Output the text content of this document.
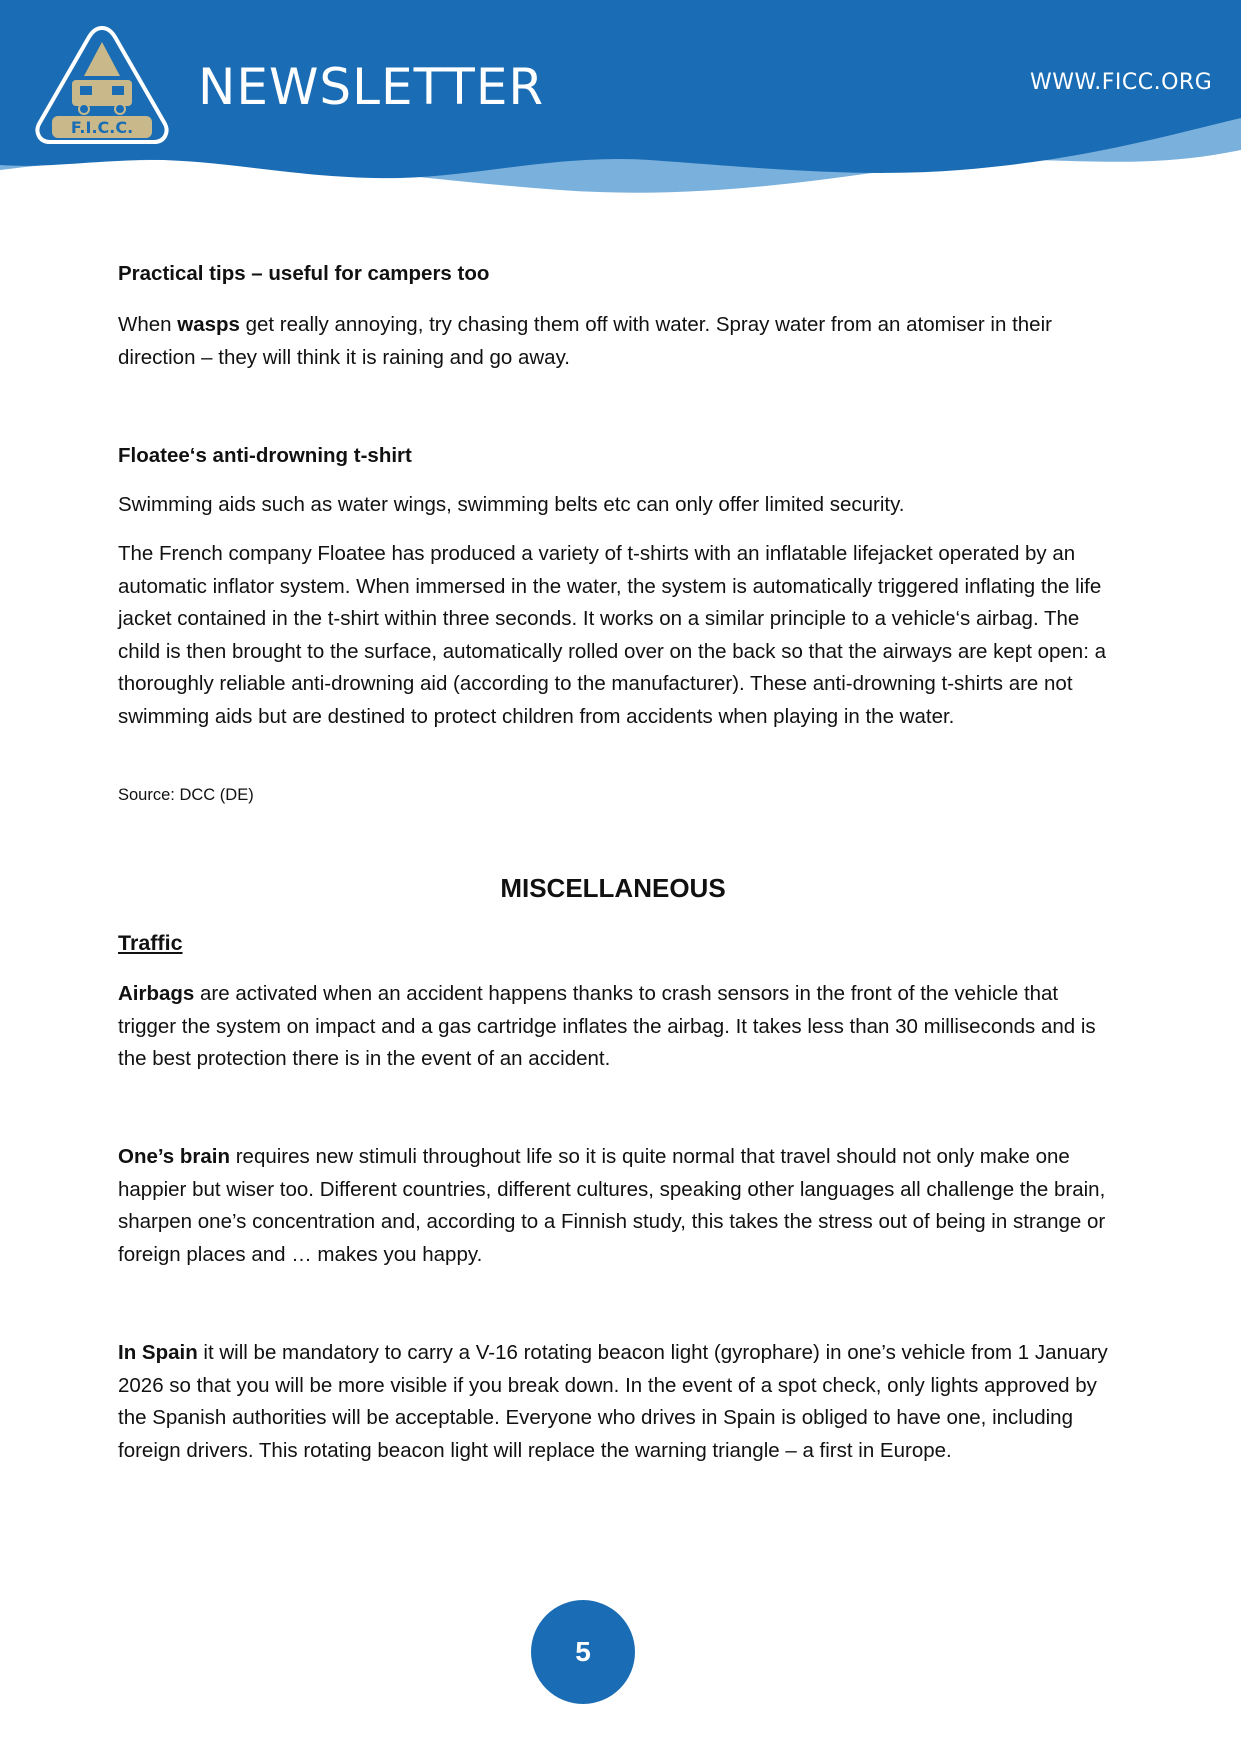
F.I.C.C.
NEWSLETTER	WWW.FICC.ORG
Practical tips – useful for campers too

When wasps get really annoying, try chasing them off with water. Spray water from an atomiser in their direction – they will think it is raining and go away.

Floatee‘s anti-drowning t-shirt

Swimming aids such as water wings, swimming belts etc can only offer limited security.

The French company Floatee has produced a variety of t-shirts with an inflatable lifejacket operated by an automatic inflator system. When immersed in the water, the system is automatically triggered inflating the life jacket contained in the t-shirt within three seconds. It works on a similar principle to a vehicle‘s airbag. The child is then brought to the surface, automatically rolled over on the back so that the airways are kept open: a thoroughly reliable anti-drowning aid (according to the manufacturer). These anti-drowning t-shirts are not swimming aids but are destined to protect children from accidents when playing in the water.

Source: DCC (DE)
MISCELLANEOUS
Traffic

Airbags are activated when an accident happens thanks to crash sensors in the front of the vehicle that trigger the system on impact and a gas cartridge inflates the airbag. It takes less than 30 milliseconds and is the best protection there is in the event of an accident.

One’s brain requires new stimuli throughout life so it is quite normal that travel should not only make one happier but wiser too. Different countries, different cultures, speaking other languages all challenge the brain, sharpen one’s concentration and, according to a Finnish study, this takes the stress out of being in strange or foreign places and … makes you happy.

In Spain it will be mandatory to carry a V-16 rotating beacon light (gyrophare) in one’s vehicle from 1 January 2026 so that you will be more visible if you break down. In the event of a spot check, only lights approved by the Spanish authorities will be acceptable. Everyone who drives in Spain is obliged to have one, including foreign drivers. This rotating beacon light will replace the warning triangle – a first in Europe.

5
